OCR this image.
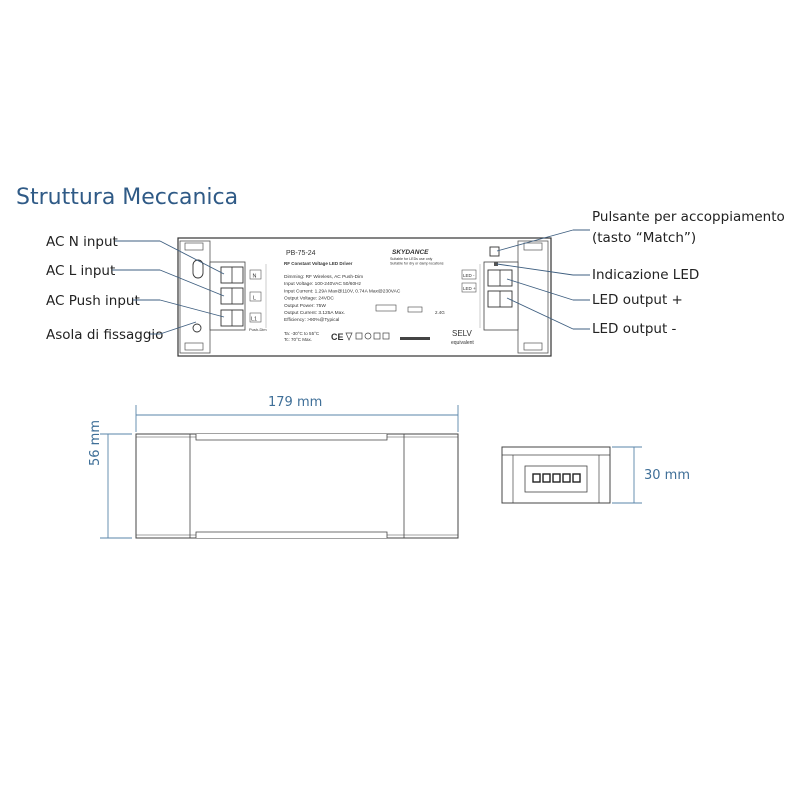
Struttura Meccanica
AC N input
AC L input
AC Push input
Asola di fissaggio
Pulsante per accoppiamento
(tasto “Match”)
Indicazione LED
LED output +
LED output -
179 mm
56 mm
30 mm
N
L
L1
Push-Dim
LED -
LED +
PB-75-24
RF Constant Voltage LED Driver
SKYDANCE
Suitable for LEDs use only
Suitable for dry or damp locations
Dimming: RF Wireless, AC Push-Dim
Input Voltage: 100-240VAC 50/60Hz
Input Current: 1.29A Max@110V, 0.74A Max@230VAC
Output Voltage: 24VDC
Output Power: 75W
Output Current: 3.125A Max.
Efficiency: >90%@Typical
Ta: -30°C to 55°C
Tc: 70°C Max. CE	SELV
equivalent
2.4G
